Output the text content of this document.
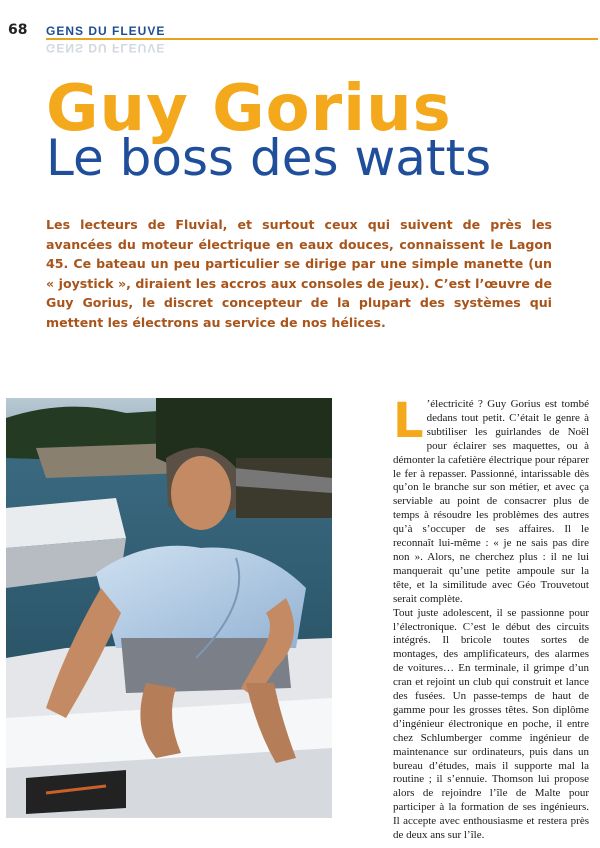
68 GENS DU FLEUVE
GENS DU FLEUVE
Guy Gorius
Le boss des watts

Les lecteurs de Fluvial, et surtout ceux qui suivent de près les avancées du moteur électrique en eaux douces, connaissent le Lagon 45. Ce bateau un peu particulier se dirige par une simple manette (un « joystick », diraient les accros aux consoles de jeux). C’est l’œuvre de Guy Gorius, le discret concepteur de la plupart des systèmes qui mettent les électrons au service de nos hélices.

L ’électricité ? Guy Gorius est tombé dedans tout petit. C’était le genre à subtiliser les guirlandes de Noël pour éclairer ses maquettes, ou à démonter la cafetière électrique pour réparer le fer à repasser. Passionné, intarissable dès qu’on le branche sur son métier, et avec ça serviable au point de consacrer plus de temps à résoudre les problèmes des autres qu’à s’occuper de ses affaires. Il le reconnaît lui-même : « je ne sais pas dire non ». Alors, ne cherchez plus : il ne lui manquerait qu’une petite ampoule sur la tête, et la similitude avec Géo Trouvetout serait complète.

Tout juste adolescent, il se passionne pour l’électronique. C’est le début des circuits intégrés. Il bricole toutes sortes de montages, des amplificateurs, des alarmes de voitures… En terminale, il grimpe d’un cran et rejoint un club qui construit et lance des fusées. Un passe-temps de haut de gamme pour les grosses têtes. Son diplôme d’ingénieur électronique en poche, il entre chez Schlumberger comme ingénieur de maintenance sur ordinateurs, puis dans un bureau d’études, mais il supporte mal la routine ; il s’ennuie. Thomson lui propose alors de rejoindre l’île de Malte pour participer à la formation de ses ingénieurs. Il accepte avec enthousiasme et restera près de deux ans sur l’île.
